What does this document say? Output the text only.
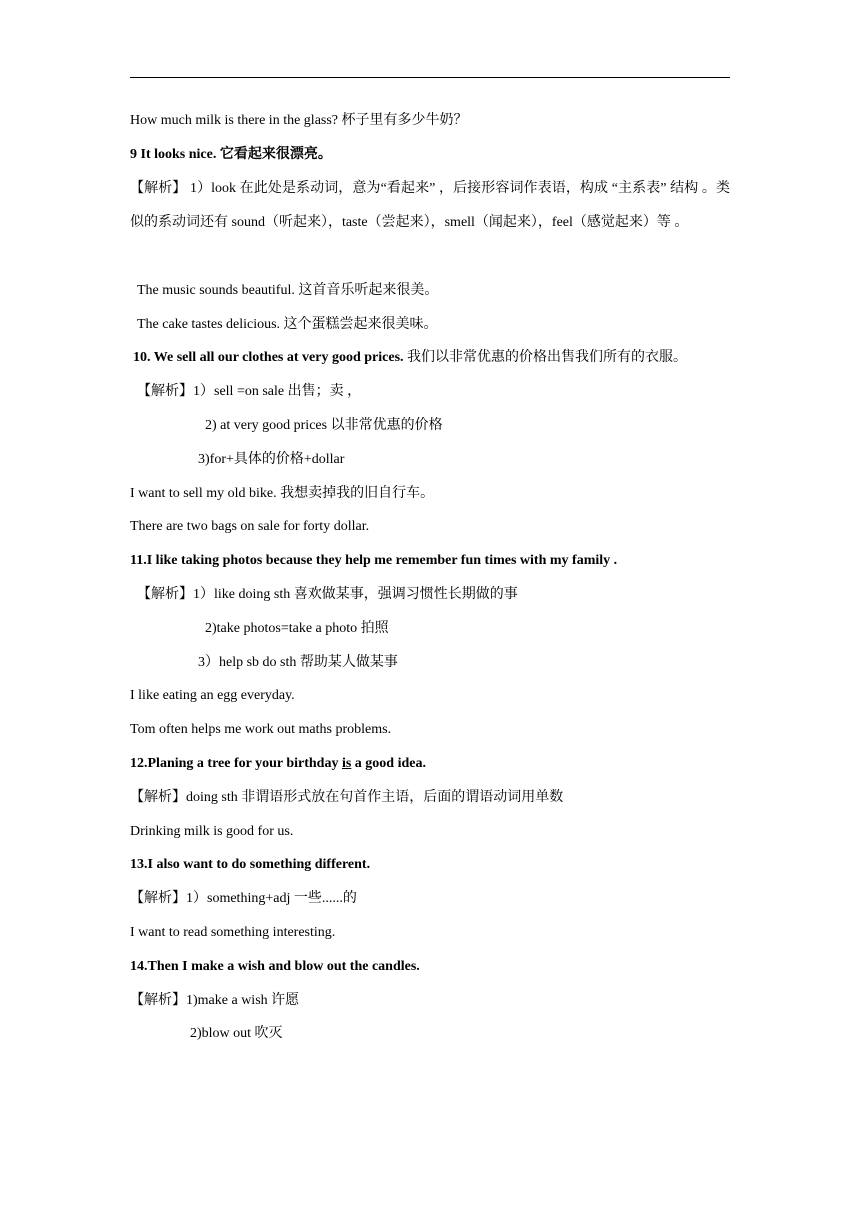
How much milk is there in the glass? 杯子里有多少牛奶？
9 It looks nice. 它看起来很漂亮。
【解析】 1）look 在此处是系动词，意为“看起来” ，后接形容词作表语，构成 “主系表” 结构 。类似的系动词还有 sound（听起来），taste（尝起来），smell（闻起来），feel（感觉起来）等 。
The music sounds beautiful. 这首音乐听起来很美。
The cake tastes delicious. 这个蛋糕尝起来很美味。
10. We sell all our clothes at very good prices. 我们以非常优惠的价格出售我们所有的衣服。
【解析】1）sell =on sale 出售；卖 ，
2) at very good prices 以非常优惠的价格
3)for+具体的价格+dollar
I want to sell my old bike. 我想卖掉我的旧自行车。
There are two bags on sale for forty dollar.
11.I like taking photos because they help me remember fun times with my family .
【解析】1）like doing sth 喜欢做某事，强调习惯性长期做的事
2)take photos=take a photo 拍照
3）help sb do sth 帮助某人做某事
I like eating an egg everyday.
Tom often helps me work out maths problems.
12.Planing a tree for your birthday is a good idea.
【解析】doing sth 非谓语形式放在句首作主语，后面的谓语动词用单数
Drinking milk is good for us.
13.I also want to do something different.
【解析】1）something+adj 一些......的
I want to read something interesting.
14.Then I make a wish and blow out the candles.
【解析】1)make a wish 许愿
2)blow out 吹灭
